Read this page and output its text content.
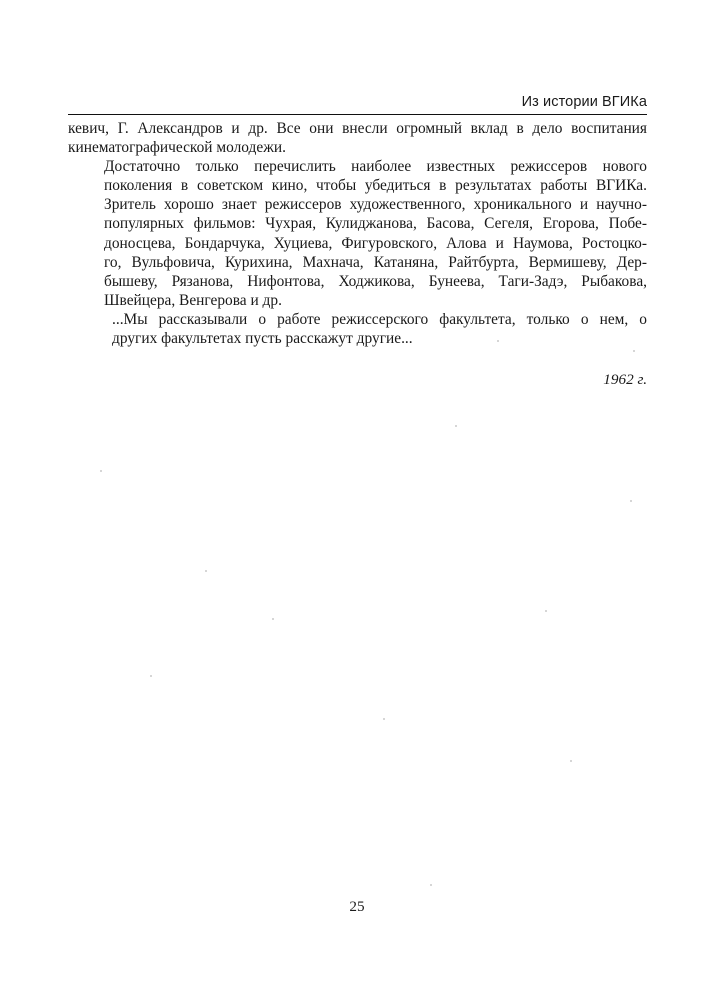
Из истории ВГИКа

кевич, Г. Александров и др. Все они внесли огромный вклад в дело воспитания
кинематографической молодежи.

Достаточно только перечислить наиболее известных режиссеров нового
поколения в советском кино, чтобы убедиться в результатах работы ВГИКа.
Зритель хорошо знает режиссеров художественного, хроникального и научно-
популярных фильмов: Чухрая, Кулиджанова, Басова, Сегеля, Егорова, Побе-
доносцева, Бондарчука, Хуциева, Фигуровского, Алова и Наумова, Ростоцко-
го, Вульфовича, Курихина, Махнача, Катаняна, Райтбурта, Вермишеву, Дер-
бышеву, Рязанова, Нифонтова, Ходжикова, Бунеева, Таги-Задэ, Рыбакова,
Швейцера, Венгерова и др.

...Мы рассказывали о работе режиссерского факультета, только о нем, о
других факультетах пусть расскажут другие...

1962 г.
25
